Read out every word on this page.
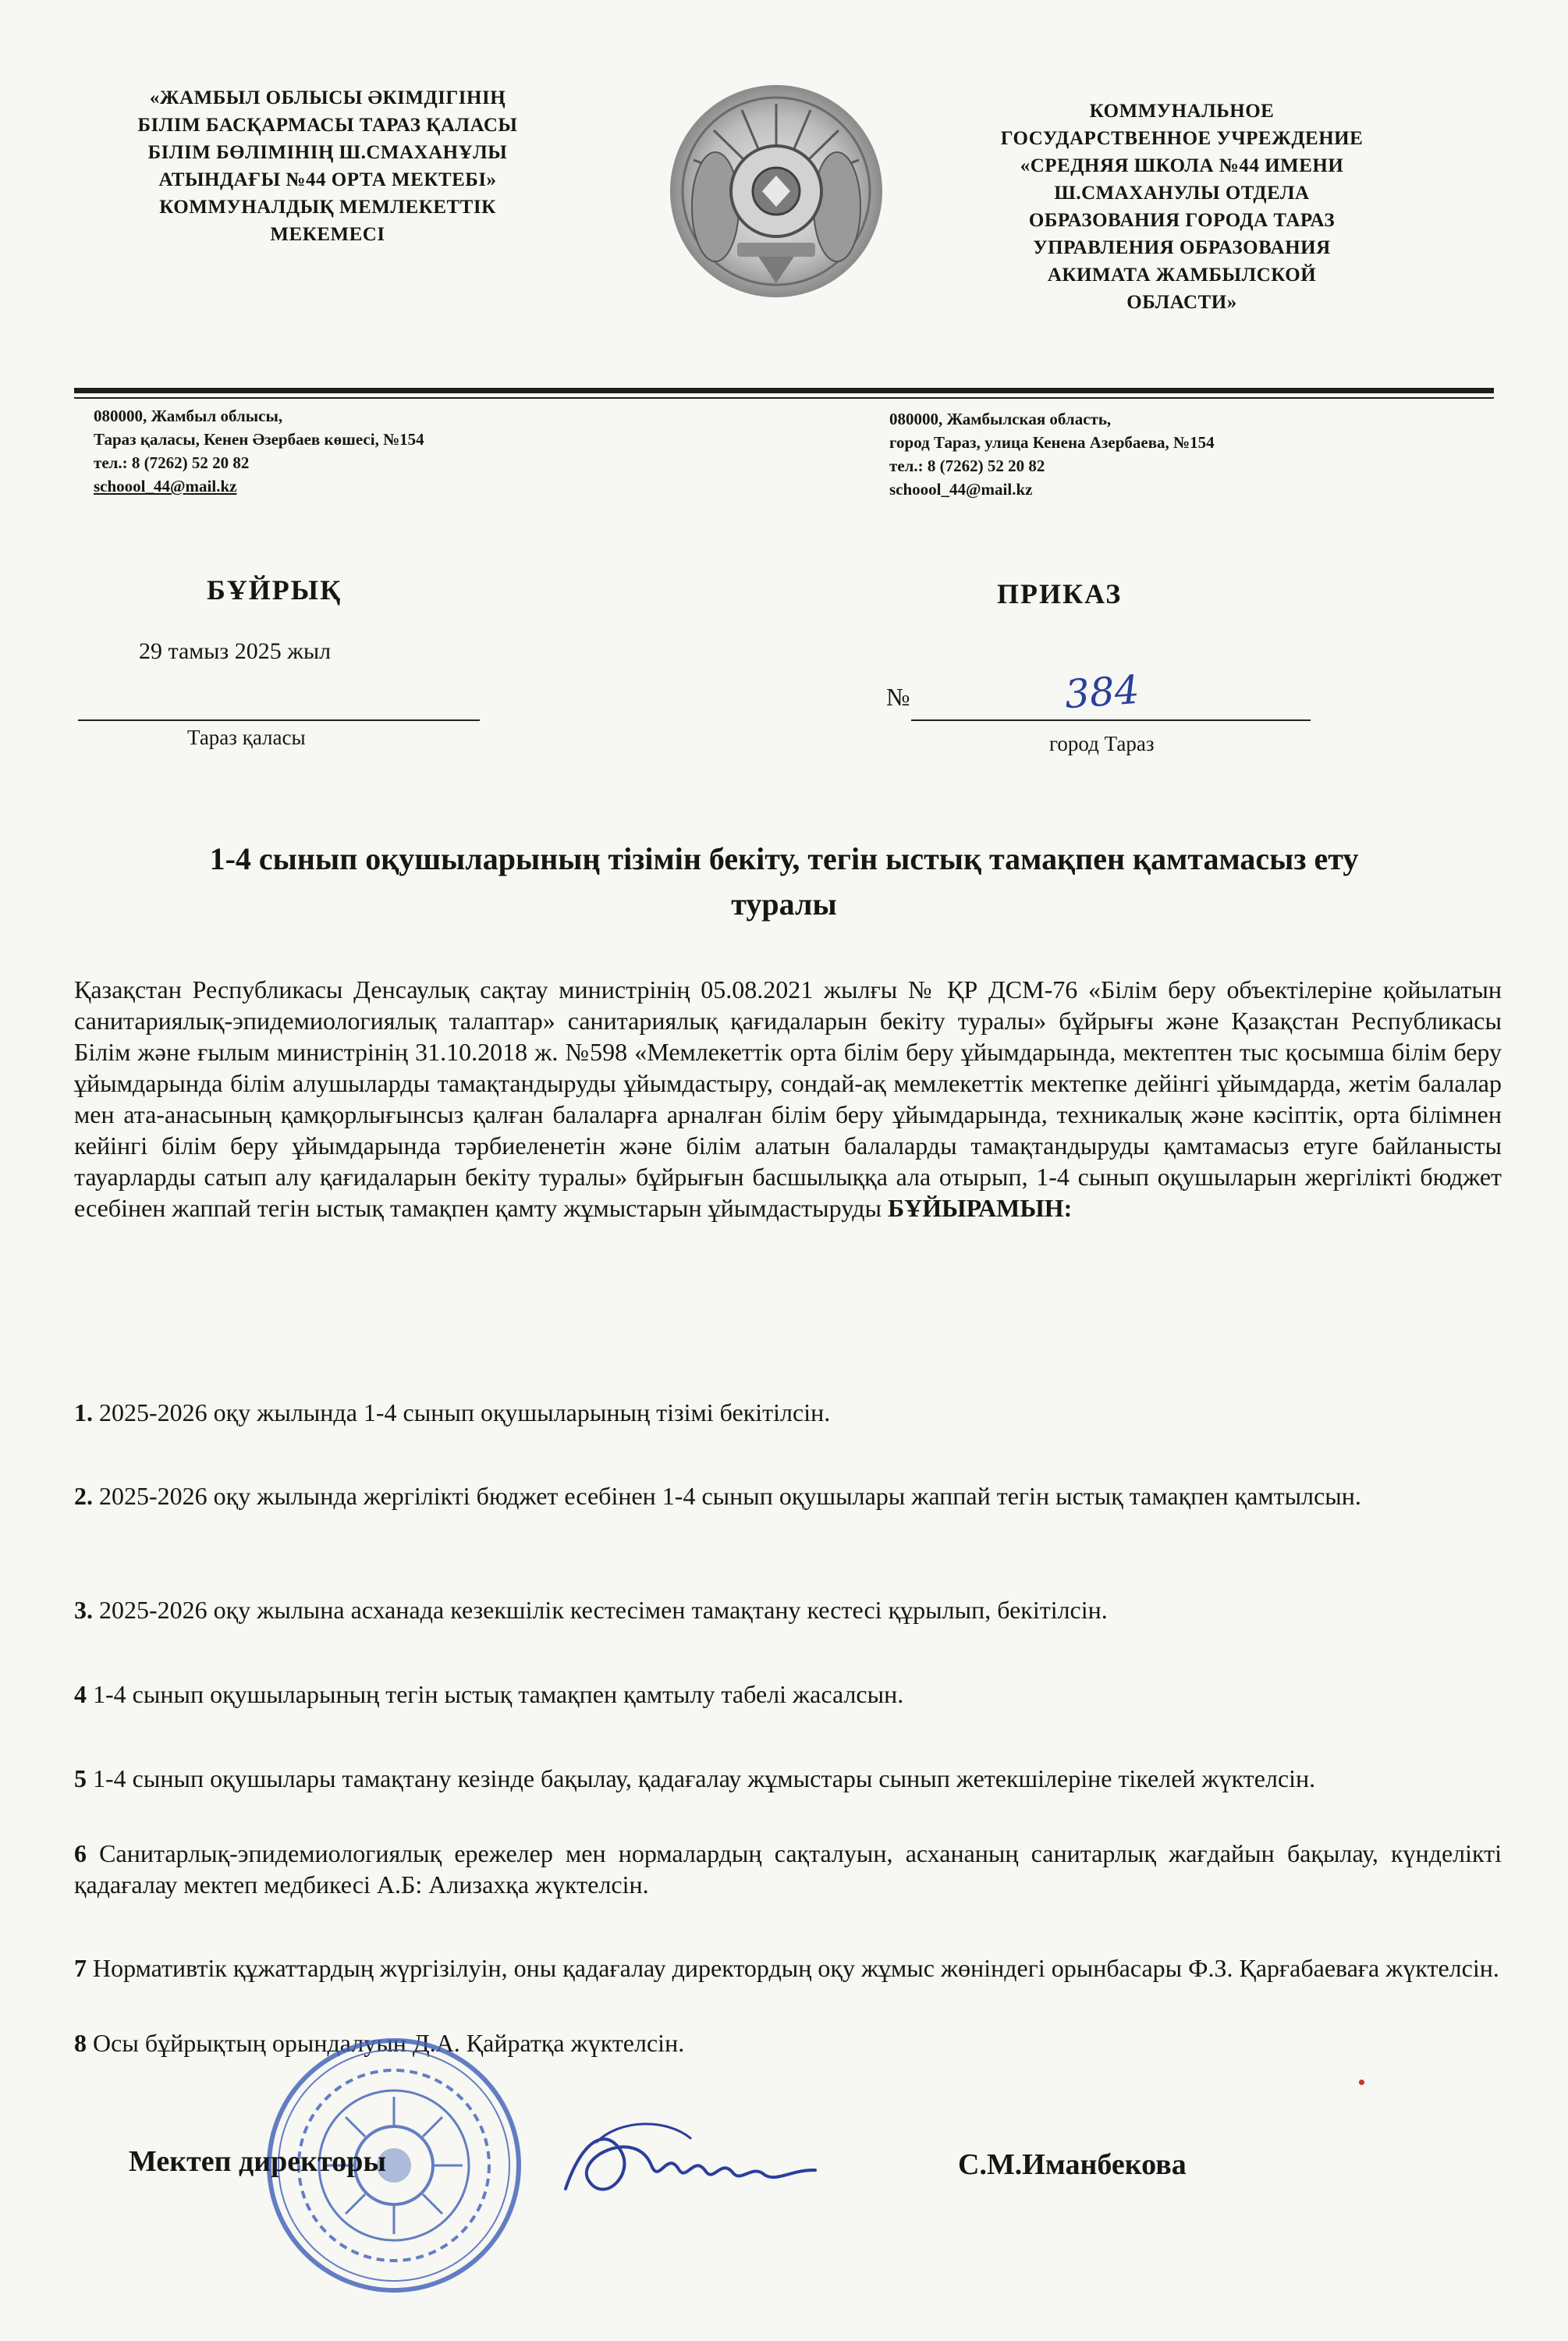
«ЖАМБЫЛ ОБЛЫСЫ ӘКІМДІГІНІҢ
БІЛІМ БАСҚАРМАСЫ ТАРАЗ ҚАЛАСЫ
БІЛІМ БӨЛІМІНІҢ Ш.СМАХАНҰЛЫ
АТЫНДАҒЫ №44 ОРТА МЕКТЕБІ»
КОММУНАЛДЫҚ МЕМЛЕКЕТТІК
МЕКЕМЕСІ
КОММУНАЛЬНОЕ
ГОСУДАРСТВЕННОЕ УЧРЕЖДЕНИЕ
«СРЕДНЯЯ ШКОЛА №44 ИМЕНИ
Ш.СМАХАНУЛЫ ОТДЕЛА
ОБРАЗОВАНИЯ ГОРОДА ТАРАЗ
УПРАВЛЕНИЯ ОБРАЗОВАНИЯ
АКИМАТА ЖАМБЫЛСКОЙ
ОБЛАСТИ»
080000, Жамбыл облысы,
Тараз қаласы, Кенен Әзербаев көшесі, №154
тел.: 8 (7262) 52 20 82
schoool_44@mail.kz
080000, Жамбылская область,
город Тараз, улица Кенена Азербаева, №154
тел.: 8 (7262) 52 20 82
schoool_44@mail.kz
БҰЙРЫҚ	ПРИКАЗ
29 тамыз 2025 жыл
№	384
Тараз қаласы	город Тараз
1-4 сынып оқушыларының тізімін бекіту, тегін ыстық тамақпен қамтамасыз ету
туралы
Қазақстан Республикасы Денсаулық сақтау министрінің 05.08.2021 жылғы № ҚР ДСМ-76 «Білім беру объектілеріне қойылатын санитариялық-эпидемиологиялық талаптар» санитариялық қағидаларын бекіту туралы» бұйрығы және Қазақстан Республикасы Білім және ғылым министрінің 31.10.2018 ж. №598 «Мемлекеттік орта білім беру ұйымдарында, мектептен тыс қосымша білім беру ұйымдарында білім алушыларды тамақтандыруды ұйымдастыру, сондай-ақ мемлекеттік мектепке дейінгі ұйымдарда, жетім балалар мен ата-анасының қамқорлығынсыз қалған балаларға арналған білім беру ұйымдарында, техникалық және кәсіптік, орта білімнен кейінгі білім беру ұйымдарында тәрбиеленетін және білім алатын балаларды тамақтандыруды қамтамасыз етуге байланысты тауарларды сатып алу қағидаларын бекіту туралы» бұйрығын басшылыққа ала отырып, 1-4 сынып оқушыларын жергілікті бюджет есебінен жаппай тегін ыстық тамақпен қамту жұмыстарын ұйымдастыруды БҰЙЫРАМЫН:
1. 2025-2026 оқу жылында 1-4 сынып оқушыларының тізімі бекітілсін.
2. 2025-2026 оқу жылында жергілікті бюджет есебінен 1-4 сынып оқушылары жаппай тегін ыстық тамақпен қамтылсын.
3. 2025-2026 оқу жылына асханада кезекшілік кестесімен тамақтану кестесі құрылып, бекітілсін.
4 1-4 сынып оқушыларының тегін ыстық тамақпен қамтылу табелі жасалсын.
5 1-4 сынып оқушылары тамақтану кезінде бақылау, қадағалау жұмыстары сынып жетекшілеріне тікелей жүктелсін.
6 Санитарлық-эпидемиологиялық ережелер мен нормалардың сақталуын, асхананың санитарлық жағдайын бақылау, күнделікті қадағалау мектеп медбикесі А.Б: Ализахқа жүктелсін.
7 Нормативтік құжаттардың жүргізілуін, оны қадағалау директордың оқу жұмыс жөніндегі орынбасары Ф.З. Қарғабаеваға жүктелсін.
8 Осы бұйрықтың орындалуын Д.А. Қайратқа жүктелсін.
Мектеп директоры	С.М.Иманбекова
